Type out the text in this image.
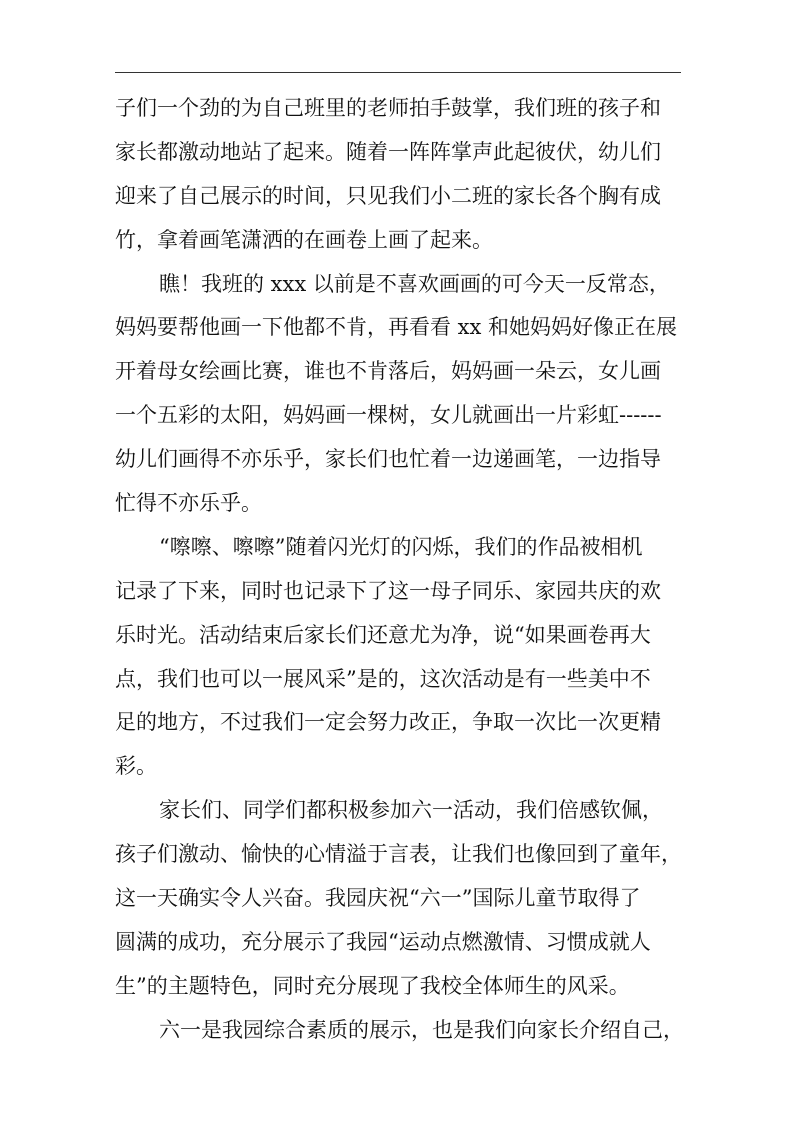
子们一个劲的为自己班里的老师拍手鼓掌，我们班的孩子和
家长都激动地站了起来。随着一阵阵掌声此起彼伏，幼儿们
迎来了自己展示的时间，只见我们小二班的家长各个胸有成
竹，拿着画笔潇洒的在画卷上画了起来。
瞧！我班的 xxx 以前是不喜欢画画的可今天一反常态，
妈妈要帮他画一下他都不肯，再看看 xx 和她妈妈好像正在展
开着母女绘画比赛，谁也不肯落后，妈妈画一朵云，女儿画
一个五彩的太阳，妈妈画一棵树，女儿就画出一片彩虹------
幼儿们画得不亦乐乎，家长们也忙着一边递画笔，一边指导
忙得不亦乐乎。
“嚓嚓、嚓嚓”随着闪光灯的闪烁，我们的作品被相机
记录了下来，同时也记录下了这一母子同乐、家园共庆的欢
乐时光。活动结束后家长们还意尤为净，说“如果画卷再大
点，我们也可以一展风采”是的，这次活动是有一些美中不
足的地方，不过我们一定会努力改正，争取一次比一次更精
彩。
家长们、同学们都积极参加六一活动，我们倍感钦佩，
孩子们激动、愉快的心情溢于言表，让我们也像回到了童年，
这一天确实令人兴奋。我园庆祝“六一”国际儿童节取得了
圆满的成功，充分展示了我园“运动点燃激情、习惯成就人
生”的主题特色，同时充分展现了我校全体师生的风采。
六一是我园综合素质的展示，也是我们向家长介绍自己，
